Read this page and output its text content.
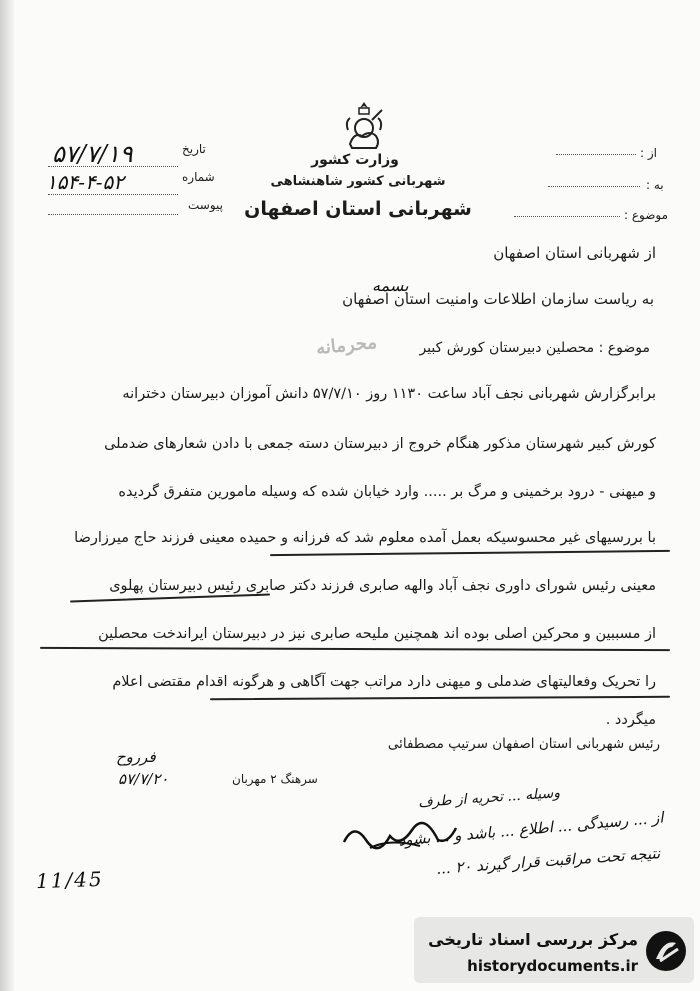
وزارت کشور
شهربانی کشور شاهنشاهی
شهربانی استان اصفهان
تاریخ
شماره
پیوست
۵۷/۷/۱۹
۱۵۴-۴-۵۲
از :
به :
موضوع :
از شهربانی استان اصفهان
بسمه
به ریاست سازمان اطلاعات وامنیت استان اصفهان
محرمانه	موضوع : محصلین دبیرستان کورش کبیر
برابرگزارش شهربانی نجف آباد ساعت ۱۱۳۰ روز ۵۷/۷/۱۰ دانش آموزان دبیرستان دخترانه
کورش کبیر شهرستان مذکور هنگام خروج از دبیرستان دسته جمعی با دادن شعارهای ضدملی
و میهنی - درود برخمینی و مرگ بر ..... وارد خیابان شده که وسیله مامورین متفرق گردیده
با بررسیهای غیر محسوسیکه بعمل آمده معلوم شد که فرزانه و حمیده معینی فرزند حاج میرزارضا
معینی رئیس شورای داوری نجف آباد والهه صابری فرزند دکتر صابری رئیس دبیرستان پهلوی
از مسببین و محرکین اصلی بوده اند همچنین ملیحه صابری نیز در دبیرستان ایراندخت محصلین
را تحریک وفعالیتهای ضدملی و میهنی دارد مراتب جهت آگاهی و هرگونه اقدام مقتضی اعلام
میگردد .
رئیس شهربانی استان اصفهان سرتیپ مصطفائی
سرهنگ ۲ مهربان
فرروح
۵۷/۷/۲۰
وسیله ... تحریه از طرف
از ... رسیدگی ... اطلاع ... باشد و ... بشود
نتیجه تحت مراقبت قرار گیرند ۲۰ ...
11/45
مرکز بررسی اسناد تاریخی
historydocuments.ir
